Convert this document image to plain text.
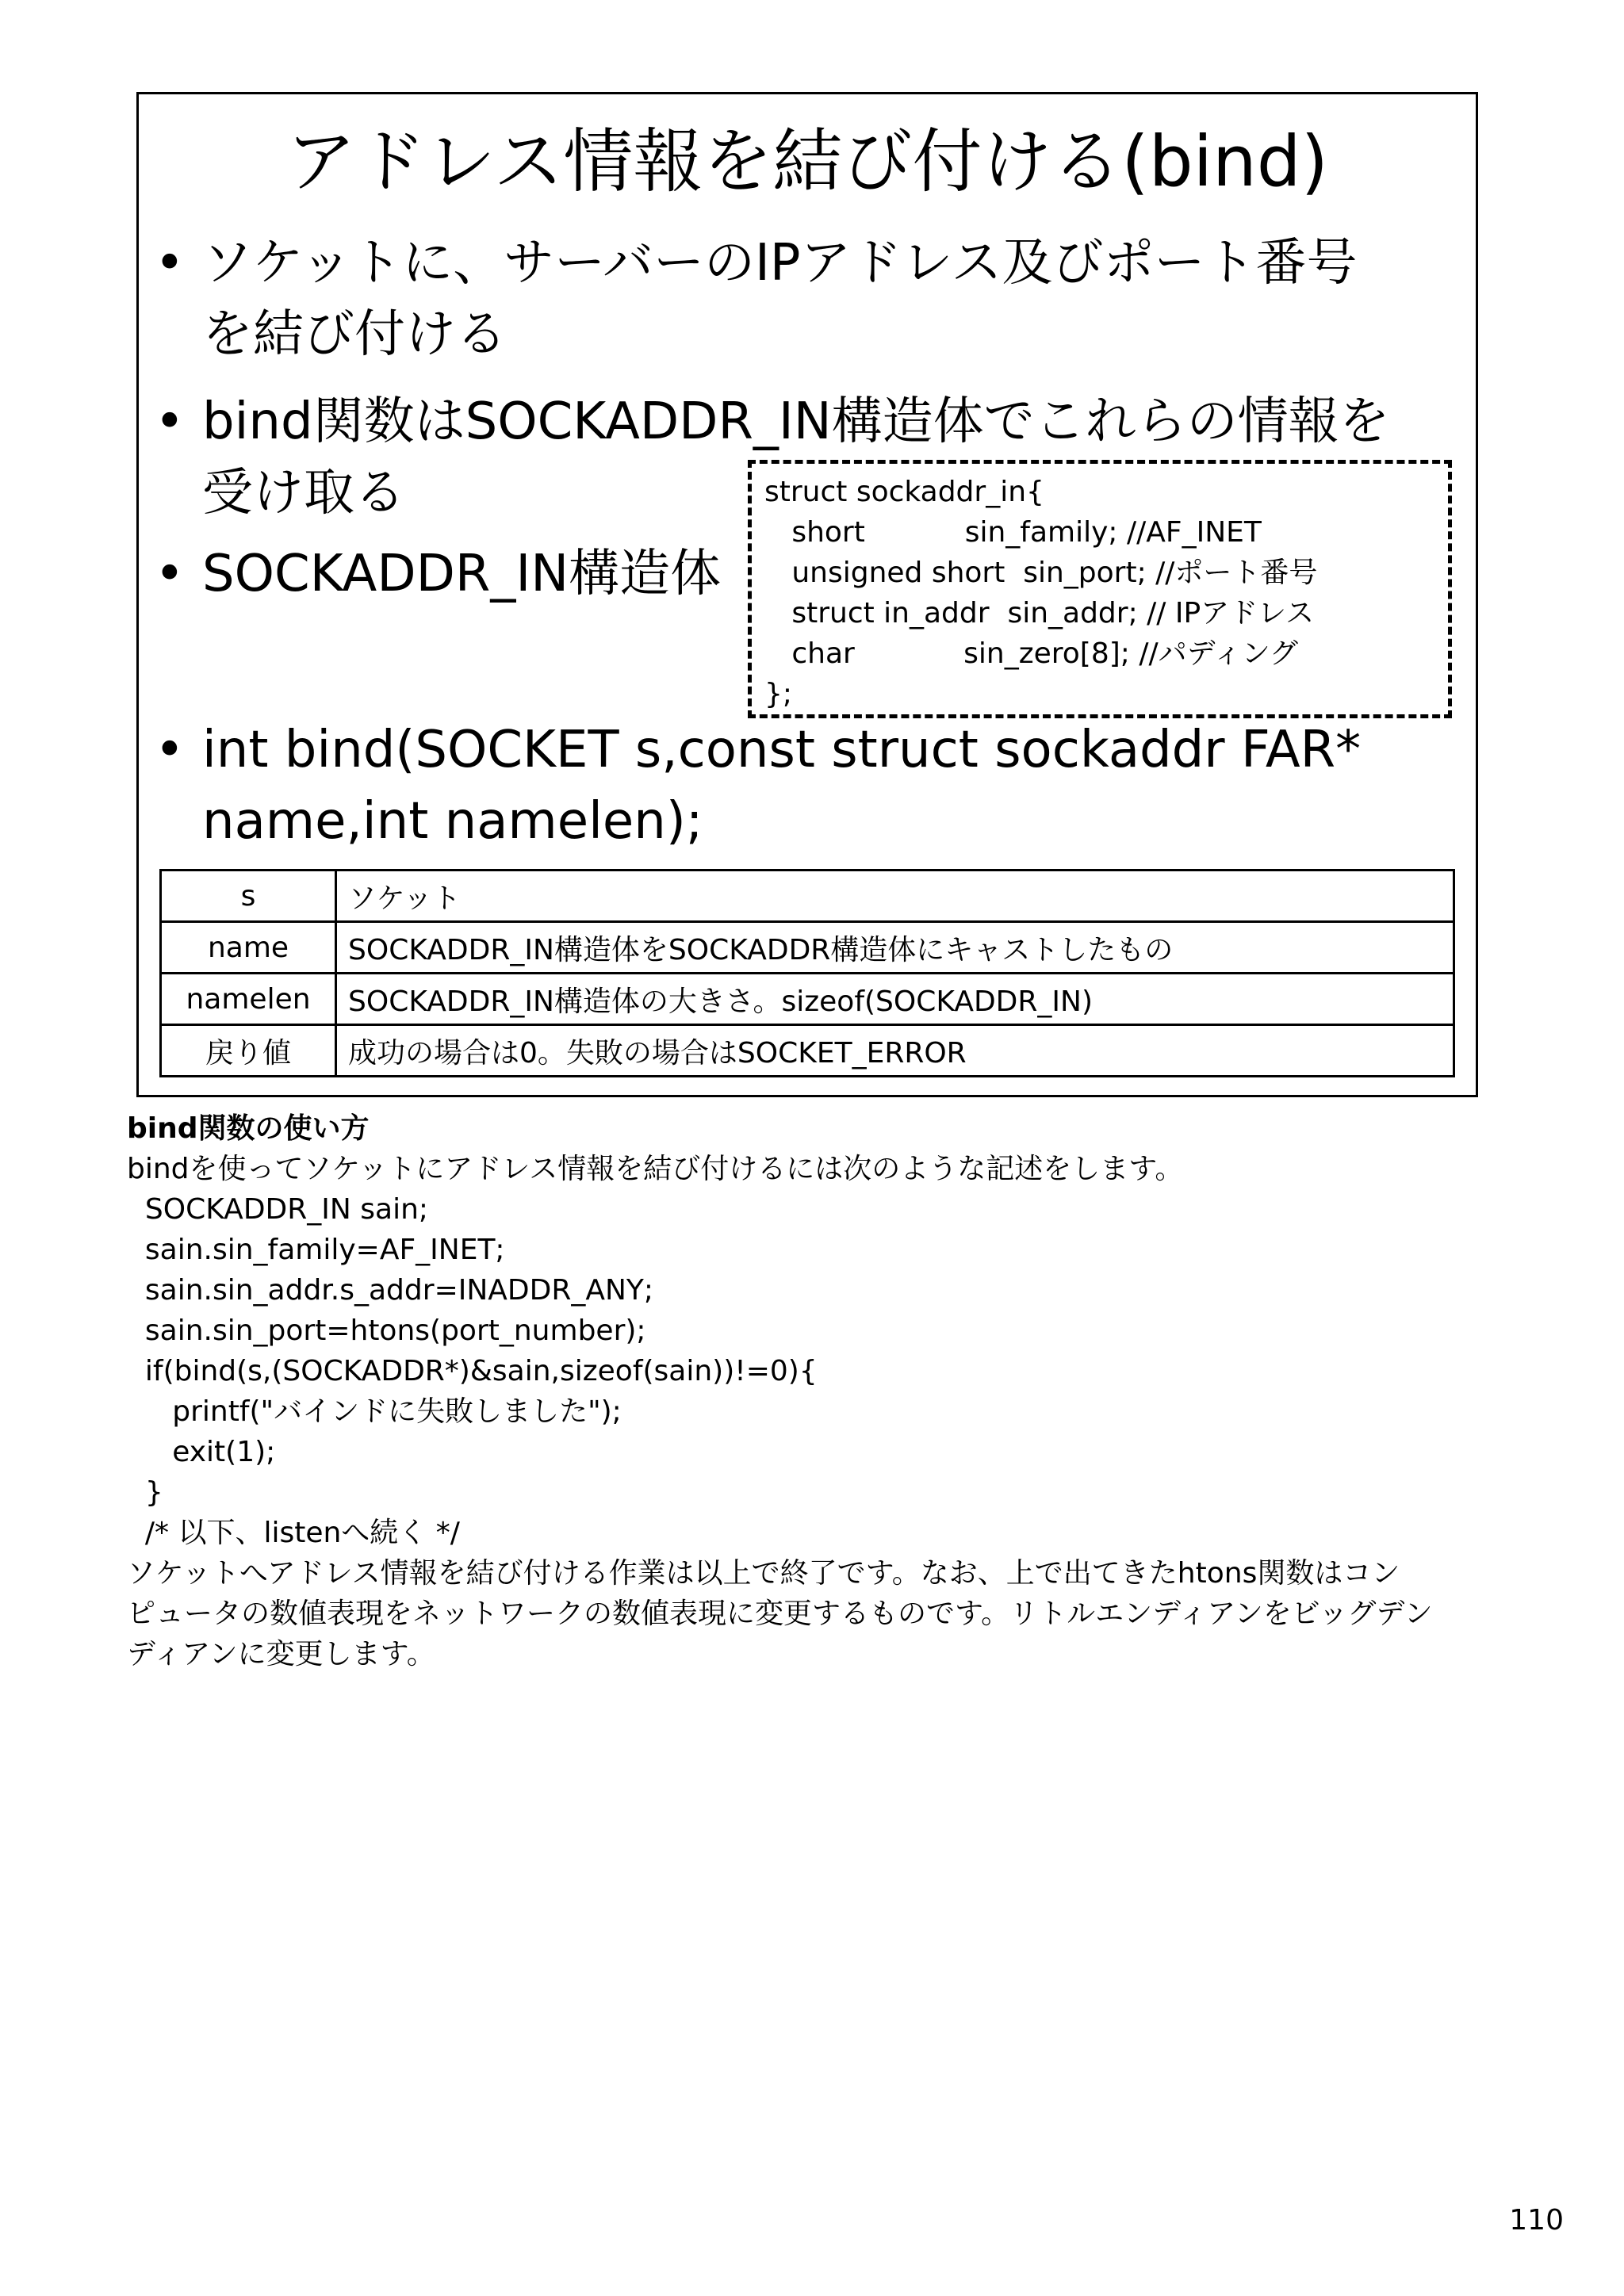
アドレス情報を結び付ける(bind)
• ソケットに、サーバーのIPアドレス及びポート番号
を結び付ける
• bind関数はSOCKADDR_IN構造体でこれらの情報を
受け取る
• SOCKADDR_IN構造体
struct sockaddr_in{
short           sin_family; //AF_INET
unsigned short  sin_port; //ポート番号
struct in_addr  sin_addr; // IPアドレス
char            sin_zero[8]; //パディング
};
• int bind(SOCKET s,const struct sockaddr FAR*
name,int namelen);
s	ソケット
name	SOCKADDR_IN構造体をSOCKADDR構造体にキャストしたもの
namelen	SOCKADDR_IN構造体の大きさ。sizeof(SOCKADDR_IN)
戻り値	成功の場合は0。失敗の場合はSOCKET_ERROR
bind関数の使い方
bindを使ってソケットにアドレス情報を結び付けるには次のような記述をします。
SOCKADDR_IN sain;
sain.sin_family=AF_INET;
sain.sin_addr.s_addr=INADDR_ANY;
sain.sin_port=htons(port_number);
if(bind(s,(SOCKADDR*)&sain,sizeof(sain))!=0){
printf("バインドに失敗しました");
exit(1);
}
/* 以下、listenへ続く */
ソケットへアドレス情報を結び付ける作業は以上で終了です。なお、上で出てきたhtons関数はコン
ピュータの数値表現をネットワークの数値表現に変更するものです。リトルエンディアンをビッグデン
ディアンに変更します。
110
